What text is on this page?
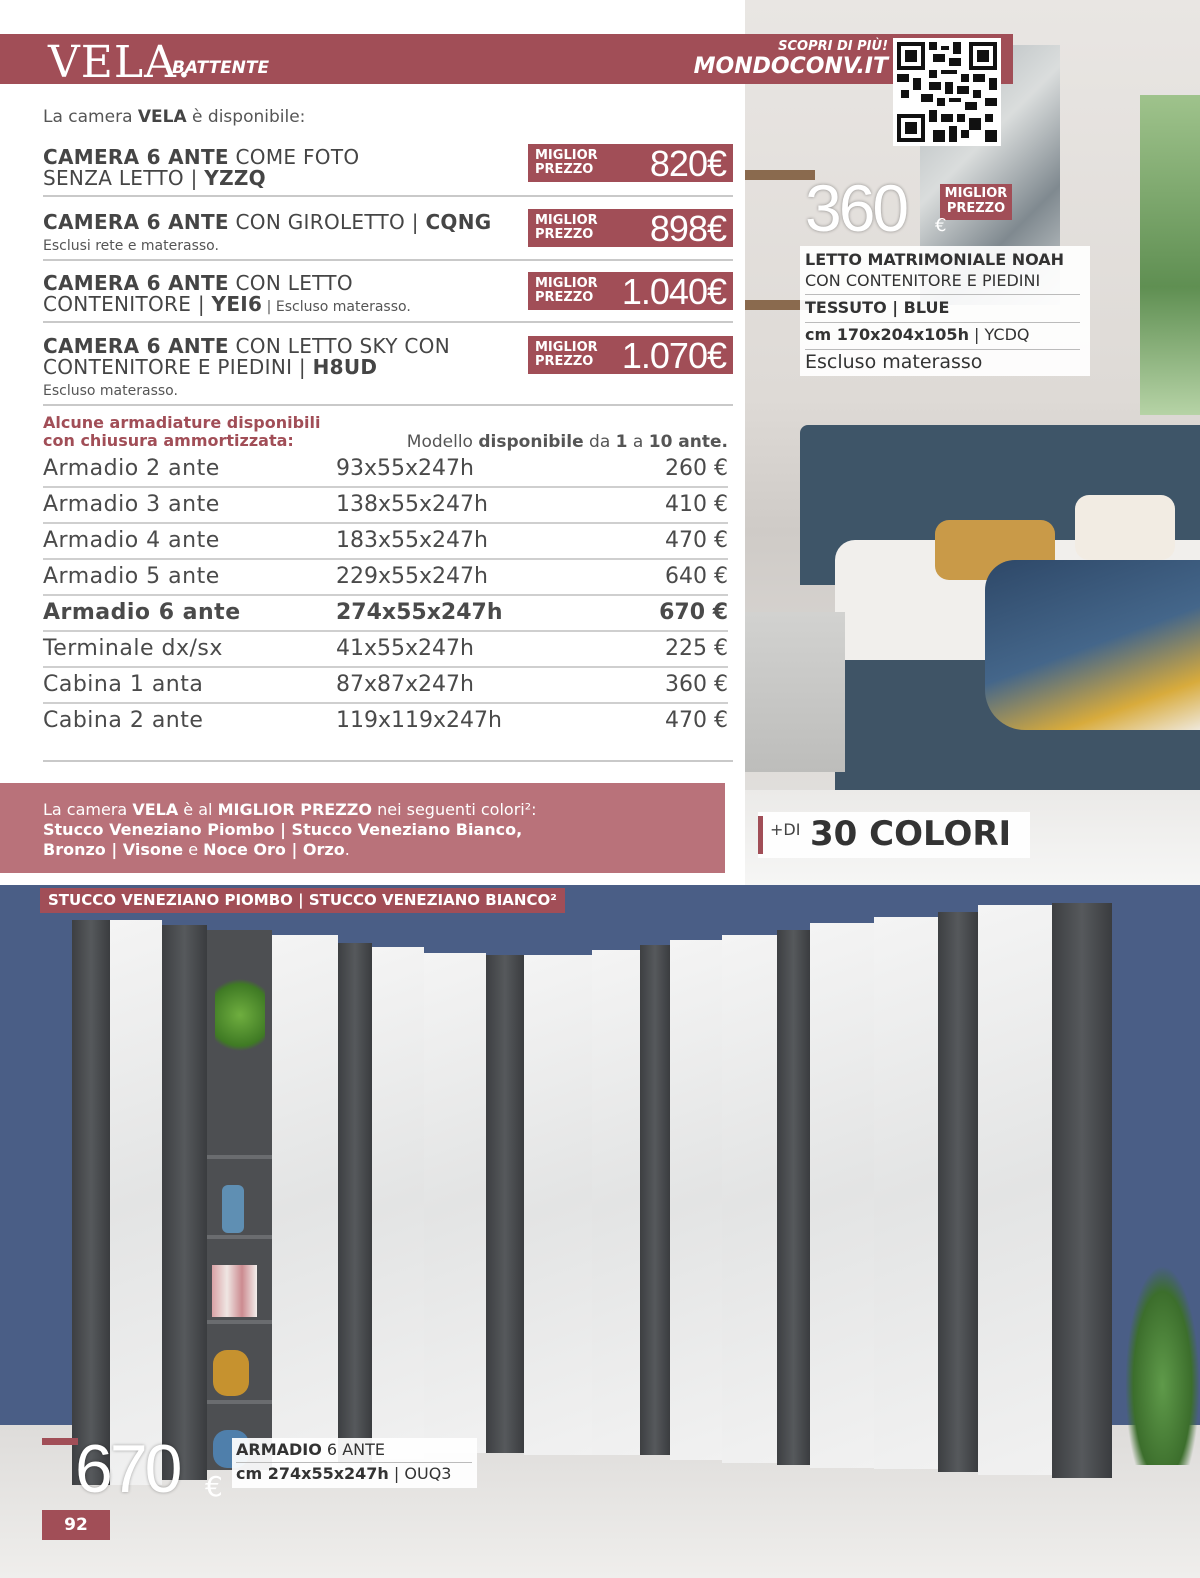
VELA.
BATTENTE
SCOPRI DI PIÙ!
MONDOCONV.IT
La camera VELA è disponibile:
CAMERA 6 ANTE COME FOTO
SENZA LETTO | YZZQ
MIGLIOR PREZZO	820€
CAMERA 6 ANTE CON GIROLETTO | CQNG
Esclusi rete e materasso.
MIGLIOR PREZZO	898€
CAMERA 6 ANTE CON LETTO
CONTENITORE | YEI6 | Escluso materasso.
MIGLIOR PREZZO 1.040€
CAMERA 6 ANTE CON LETTO SKY CON
CONTENITORE E PIEDINI | H8UD
Escluso materasso.
MIGLIOR PREZZO 1.070€
Alcune armadiature disponibili
con chiusura ammortizzata:	Modello disponibile da 1 a 10 ante.
Armadio 2 ante	93x55x247h	260 €
Armadio 3 ante	138x55x247h	410 €
Armadio 4 ante	183x55x247h	470 €
Armadio 5 ante	229x55x247h	640 €
Armadio 6 ante	274x55x247h	670 €
Terminale dx/sx	41x55x247h	225 €
Cabina 1 anta	87x87x247h	360 €
Cabina 2 ante	119x119x247h	470 €
La camera VELA è al MIGLIOR PREZZO nei seguenti colori²:
Stucco Veneziano Piombo | Stucco Veneziano Bianco,
Bronzo | Visone e Noce Oro | Orzo.
360	MIGLIOR PREZZO
€
LETTO MATRIMONIALE NOAH
CON CONTENITORE E PIEDINI
TESSUTO | BLUE
cm 170x204x105h | YCDQ
Escluso materasso
+DI 30 COLORI
STUCCO VENEZIANO PIOMBO | STUCCO VENEZIANO BIANCO²
670 €
ARMADIO 6 ANTE
cm 274x55x247h | OUQ3
92
